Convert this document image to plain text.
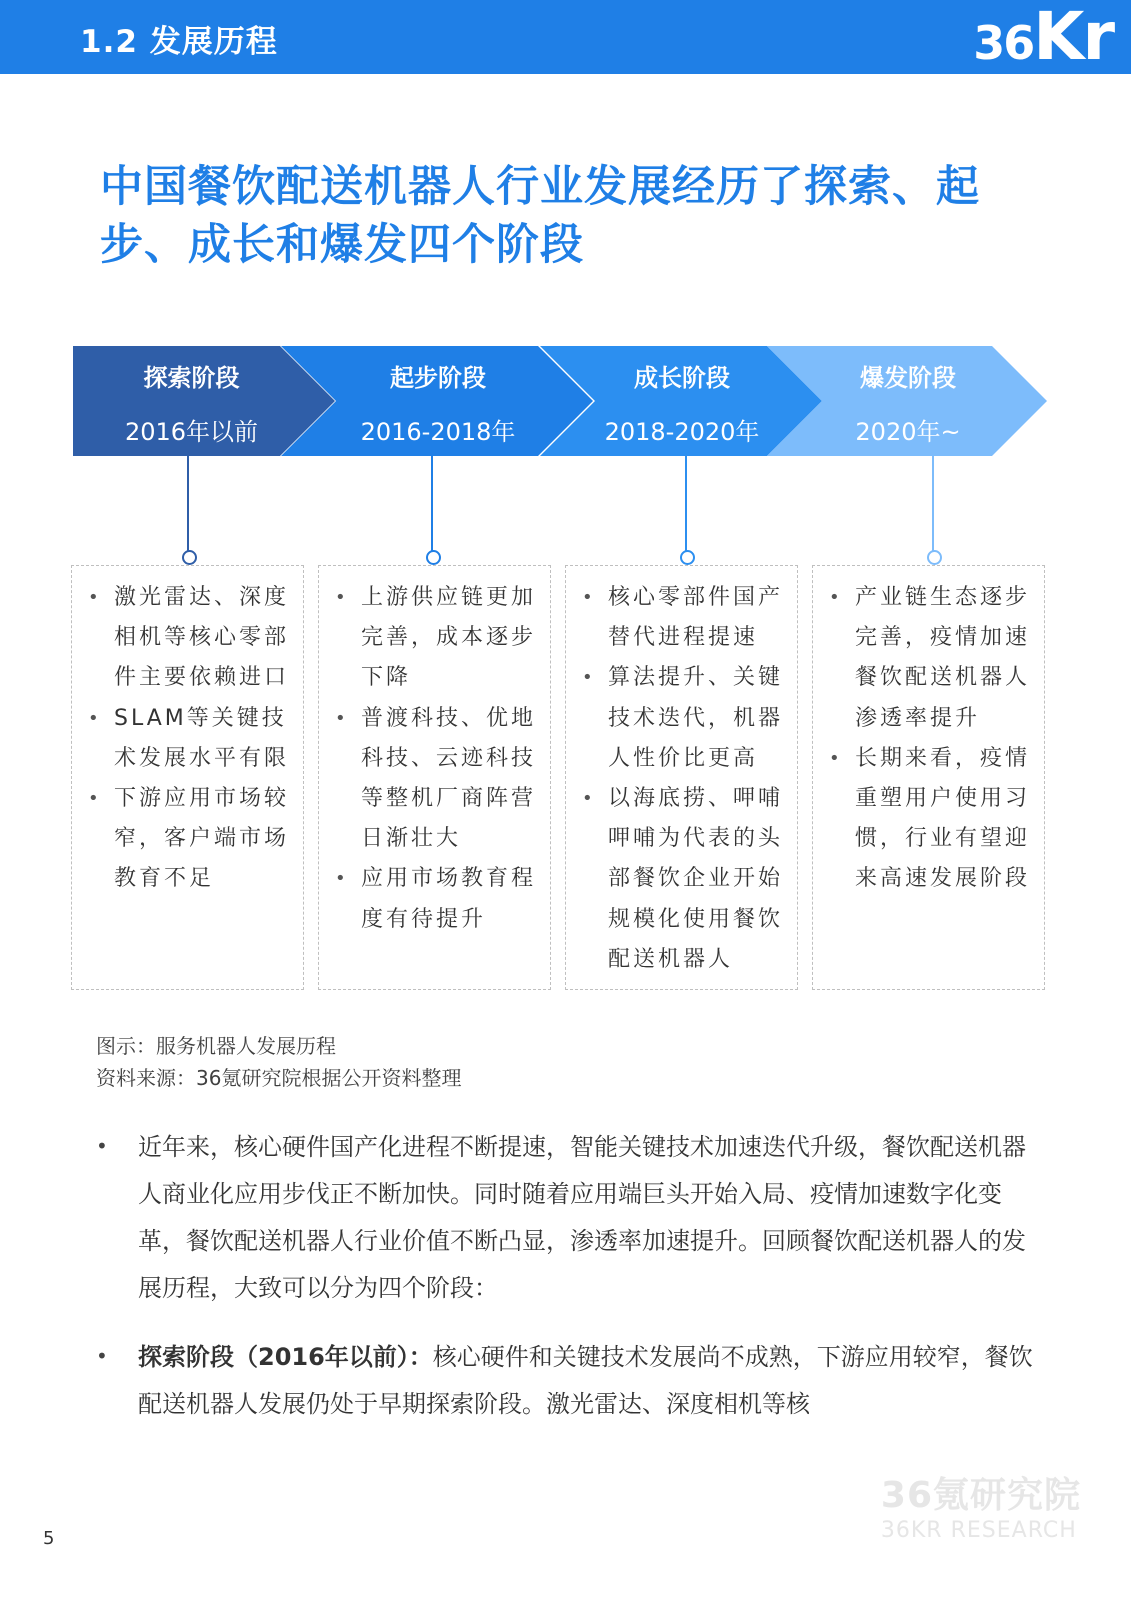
1.2 发展历程	36Kr
中国餐饮配送机器人行业发展经历了探索、起步、成长和爆发四个阶段
探索阶段
2016年以前
起步阶段
2016-2018年
成长阶段
2018-2020年
爆发阶段
2020年~
• 激光雷达、深度相机等核心零部件主要依赖进口
• SLAM等关键技术发展水平有限
• 下游应用市场较窄，客户端市场教育不足
• 上游供应链更加完善，成本逐步下降
• 普渡科技、优地科技、云迹科技等整机厂商阵营日渐壮大
• 应用市场教育程度有待提升
• 核心零部件国产替代进程提速
• 算法提升、关键技术迭代，机器人性价比更高
• 以海底捞、呷哺呷哺为代表的头部餐饮企业开始规模化使用餐饮配送机器人
• 产业链生态逐步完善，疫情加速餐饮配送机器人渗透率提升
• 长期来看，疫情重塑用户使用习惯，行业有望迎来高速发展阶段
图示：服务机器人发展历程
资料来源：36氪研究院根据公开资料整理
• 近年来，核心硬件国产化进程不断提速，智能关键技术加速迭代升级，餐饮配送机器人商业化应用步伐正不断加快。同时随着应用端巨头开始入局、疫情加速数字化变革，餐饮配送机器人行业价值不断凸显，渗透率加速提升。回顾餐饮配送机器人的发展历程，大致可以分为四个阶段：
• 探索阶段（2016年以前）：核心硬件和关键技术发展尚不成熟，下游应用较窄，餐饮配送机器人发展仍处于早期探索阶段。激光雷达、深度相机等核
36氪研究院
36KR RESEARCH
5
